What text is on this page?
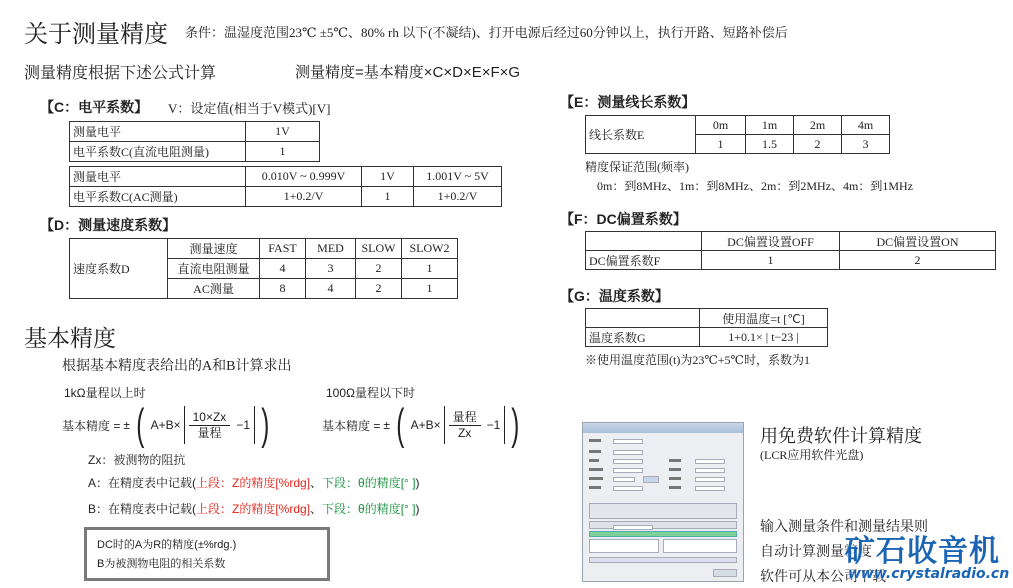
关于测量精度 条件：温湿度范围23℃ ±5℃、80% rh 以下(不凝结)、打开电源后经过60分钟以上，执行开路、短路补偿后
测量精度根据下述公式计算	测量精度=基本精度×C×D×E×F×G
【C：电平系数】 V：设定值(相当于V模式)[V]
测量电平	1V
电平系数C(直流电阻测量)	1
测量电平	0.010V ~ 0.999V	1V	1.001V ~ 5V
电平系数C(AC测量)	1+0.2/V	1	1+0.2/V
【D：测量速度系数】
速度系数D	测量速度	FAST	MED	SLOW	SLOW2
	直流电阻测量	4	3	2	1
	AC测量	8	4	2	1
基本精度
根据基本精度表给出的A和B计算求出
1kΩ量程以上时	100Ω量程以下时
基本精度 = ± ( $A+B\times \frac{10\times Zx}{\text{量程}} -1$ )	基本精度 = ± ( $A+B\times \frac{\text{量程}}{Zx} -1$ )
Zx：被测物的阻抗
A：在精度表中记载(上段：Z的精度[%rdg]、下段：θ的精度[° ])
B：在精度表中记载(上段：Z的精度[%rdg]、下段：θ的精度[° ])
DC时的A为R的精度(±%rdg.)
B为被测物电阻的相关系数
【E：测量线长系数】
线长系数E	0m	1m	2m	4m
	1	1.5	2	3
精度保证范围(频率)
0m：到8MHz、1m：到8MHz、2m：到2MHz、4m：到1MHz
【F：DC偏置系数】
	DC偏置设置OFF	DC偏置设置ON
DC偏置系数F	1	2
【G：温度系数】
	使用温度=t [℃]
温度系数G	1+0.1× | t−23 |
※使用温度范围(t)为23℃+5℃时，系数为1
用免费软件计算精度
(LCR应用软件光盘)
输入测量条件和测量结果则
自动计算测量精度
软件可从本公司下载
矿石收音机
www.crystalradio.cn
